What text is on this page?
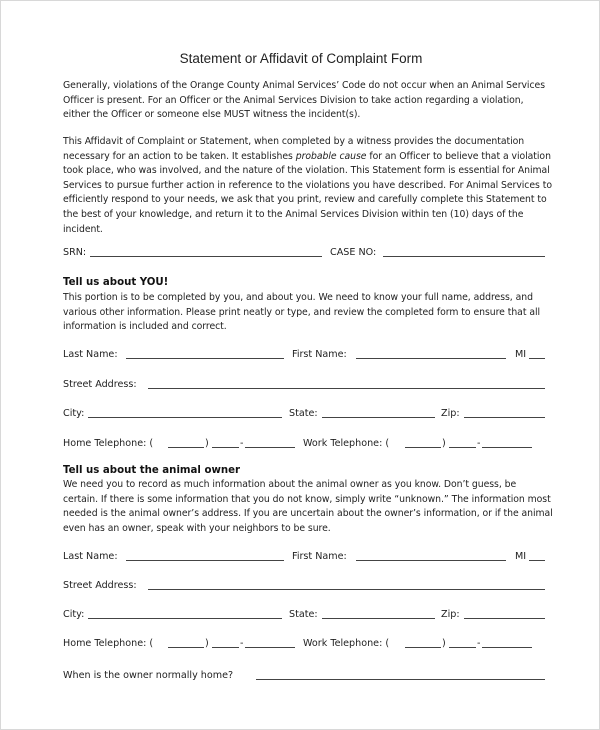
Statement or Affidavit of Complaint Form
Generally, violations of the Orange County Animal Services’ Code do not occur when an Animal Services Officer is present. For an Officer or the Animal Services Division to take action regarding a violation, either the Officer or someone else MUST witness the incident(s).
This Affidavit of Complaint or Statement, when completed by a witness provides the documentation necessary for an action to be taken. It establishes probable cause for an Officer to believe that a violation took place, who was involved, and the nature of the violation. This Statement form is essential for Animal Services to pursue further action in reference to the violations you have described. For Animal Services to efficiently respond to your needs, we ask that you print, review and carefully complete this Statement to the best of your knowledge, and return it to the Animal Services Division within ten (10) days of the incident.
SRN:	CASE NO:
Tell us about YOU!
This portion is to be completed by you, and about you. We need to know your full name, address, and various other information. Please print neatly or type, and review the completed form to ensure that all information is included and correct.
Last Name:	First Name:	MI
Street Address:
City:	State:	Zip:
Home Telephone: (	)	-	Work Telephone: (	)	-
Tell us about the animal owner
We need you to record as much information about the animal owner as you know. Don’t guess, be certain. If there is some information that you do not know, simply write “unknown.” The information most needed is the animal owner’s address. If you are uncertain about the owner’s information, or if the animal even has an owner, speak with your neighbors to be sure.
Last Name:	First Name:	MI
Street Address:
City:	State:	Zip:
Home Telephone: (	)	-	Work Telephone: (	)	-
When is the owner normally home?
